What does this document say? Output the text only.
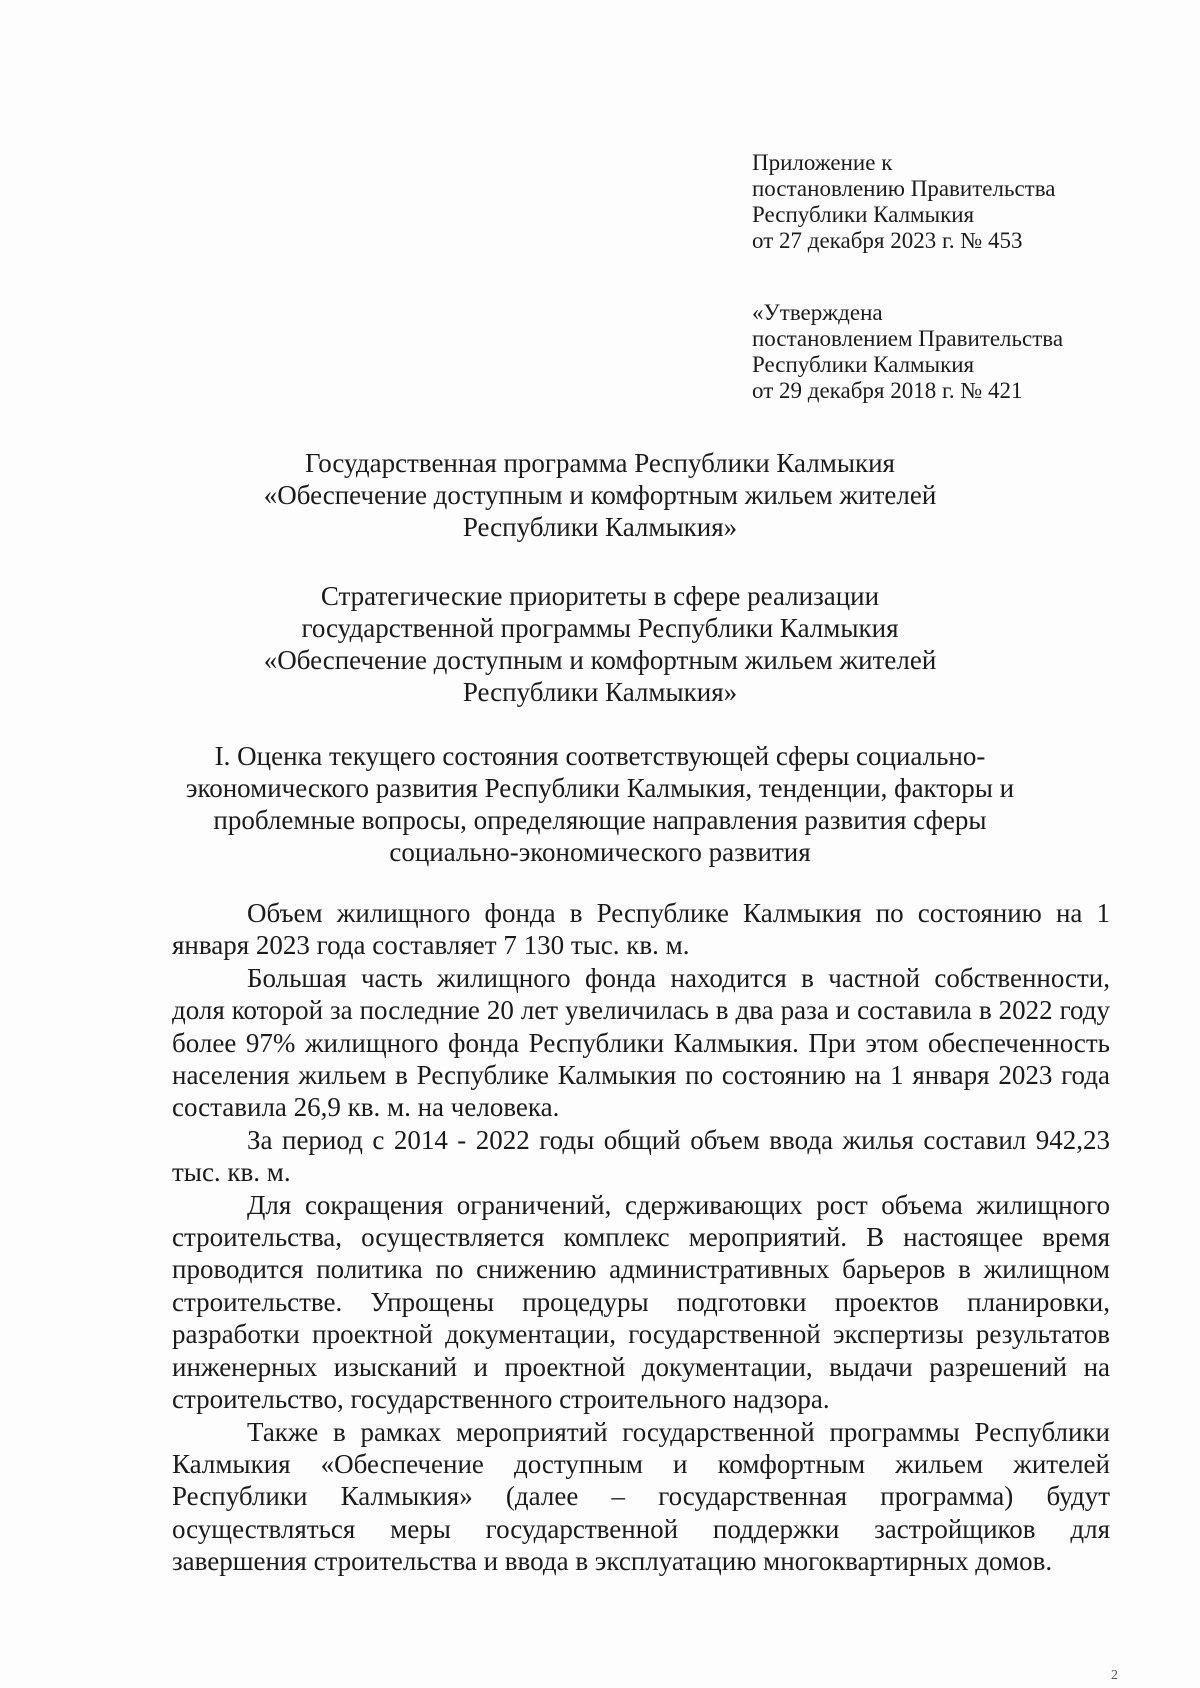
Приложение к
постановлению Правительства
Республики Калмыкия
от 27 декабря 2023 г. № 453
«Утверждена
постановлением Правительства
Республики Калмыкия
от 29 декабря 2018 г. № 421
Государственная программа Республики Калмыкия
«Обеспечение доступным и комфортным жильем жителей
Республики Калмыкия»
Стратегические приоритеты в сфере реализации
государственной программы Республики Калмыкия
«Обеспечение доступным и комфортным жильем жителей
Республики Калмыкия»
I. Оценка текущего состояния соответствующей сферы социально-
экономического развития Республики Калмыкия, тенденции, факторы и
проблемные вопросы, определяющие направления развития сферы
социально-экономического развития

Объем жилищного фонда в Республике Калмыкия по состоянию на 1 января 2023 года составляет 7 130 тыс. кв. м.

Большая часть жилищного фонда находится в частной собственности, доля которой за последние 20 лет увеличилась в два раза и составила в 2022 году более 97% жилищного фонда Республики Калмыкия. При этом обеспеченность населения жильем в Республике Калмыкия по состоянию на 1 января 2023 года составила 26,9 кв. м. на человека.

За период с 2014 - 2022 годы общий объем ввода жилья составил 942,23 тыс. кв. м.

Для сокращения ограничений, сдерживающих рост объема жилищного строительства, осуществляется комплекс мероприятий. В настоящее время проводится политика по снижению административных барьеров в жилищном строительстве. Упрощены процедуры подготовки проектов планировки, разработки проектной документации, государственной экспертизы результатов инженерных изысканий и проектной документации, выдачи разрешений на строительство, государственного строительного надзора.

Также в рамках мероприятий государственной программы Республики Калмыкия «Обеспечение доступным и комфортным жильем жителей Республики Калмыкия» (далее – государственная программа) будут осуществляться меры государственной поддержки застройщиков для завершения строительства и ввода в эксплуатацию многоквартирных домов.

2
